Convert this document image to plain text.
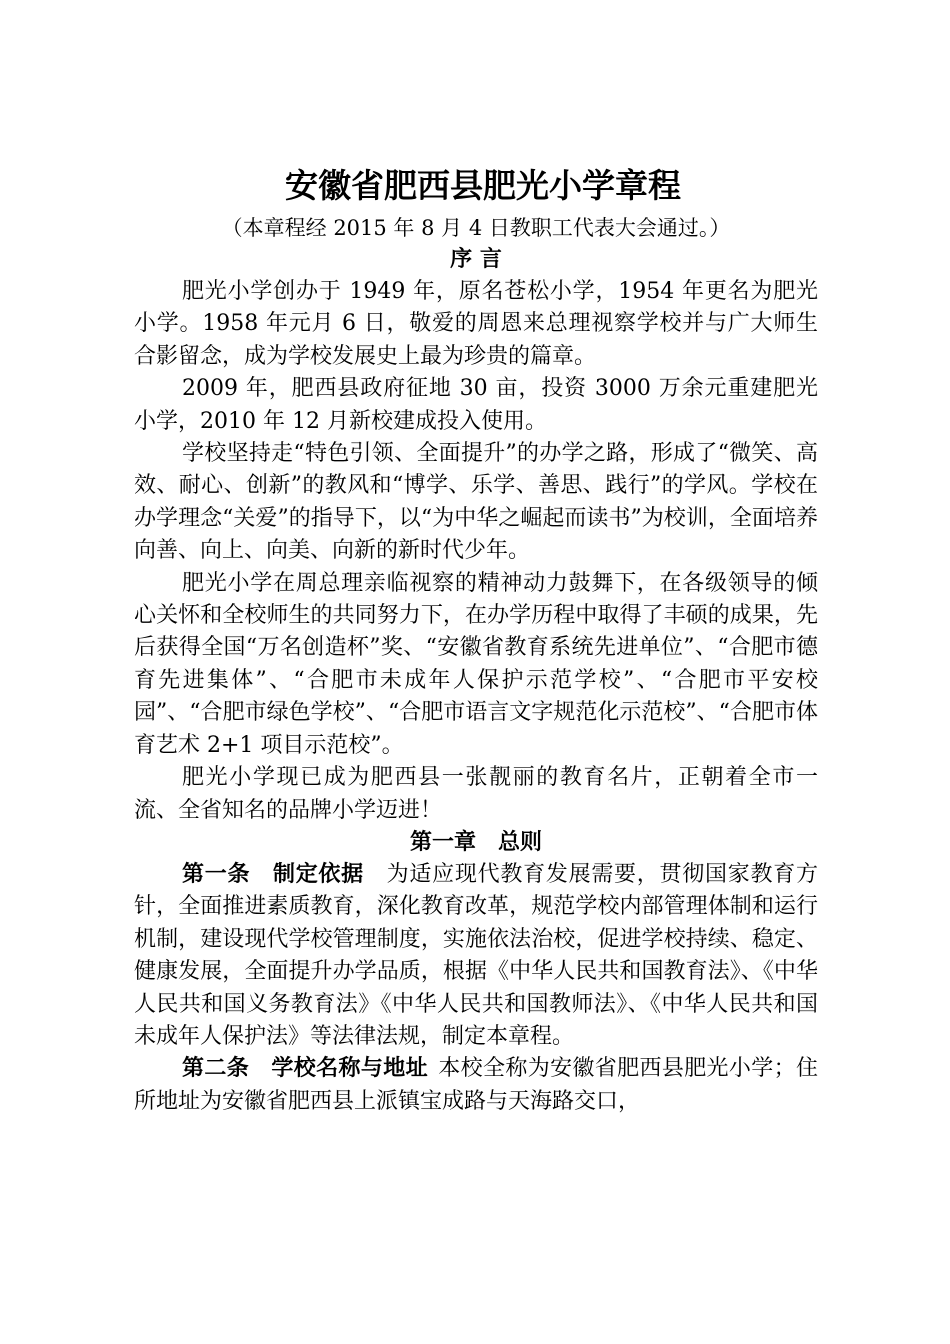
安徽省肥西县肥光小学章程

（本章程经 2015 年 8 月 4 日教职工代表大会通过。）

序 言

肥光小学创办于 1949 年，原名苍松小学，1954 年更名为肥光小学。1958 年元月 6 日，敬爱的周恩来总理视察学校并与广大师生合影留念，成为学校发展史上最为珍贵的篇章。

2009 年，肥西县政府征地 30 亩，投资 3000 万余元重建肥光小学，2010 年 12 月新校建成投入使用。

学校坚持走“特色引领、全面提升”的办学之路，形成了“微笑、高效、耐心、创新”的教风和“博学、乐学、善思、践行”的学风。学校在办学理念“关爱”的指导下，以“为中华之崛起而读书”为校训，全面培养向善、向上、向美、向新的新时代少年。

肥光小学在周总理亲临视察的精神动力鼓舞下，在各级领导的倾心关怀和全校师生的共同努力下，在办学历程中取得了丰硕的成果，先后获得全国“万名创造杯”奖、“安徽省教育系统先进单位”、“合肥市德育先进集体”、“合肥市未成年人保护示范学校”、“合肥市平安校园”、“合肥市绿色学校”、“合肥市语言文字规范化示范校”、“合肥市体育艺术 2+1 项目示范校”。

肥光小学现已成为肥西县一张靓丽的教育名片，正朝着全市一流、全省知名的品牌小学迈进！

第一章　总则

第一条 制定依据 为适应现代教育发展需要，贯彻国家教育方针，全面推进素质教育，深化教育改革，规范学校内部管理体制和运行机制，建设现代学校管理制度，实施依法治校，促进学校持续、稳定、健康发展，全面提升办学品质，根据《中华人民共和国教育法》、《中华人民共和国义务教育法》《中华人民共和国教师法》、《中华人民共和国未成年人保护法》等法律法规，制定本章程。

第二条 学校名称与地址 本校全称为安徽省肥西县肥光小学；住所地址为安徽省肥西县上派镇宝成路与天海路交口，
